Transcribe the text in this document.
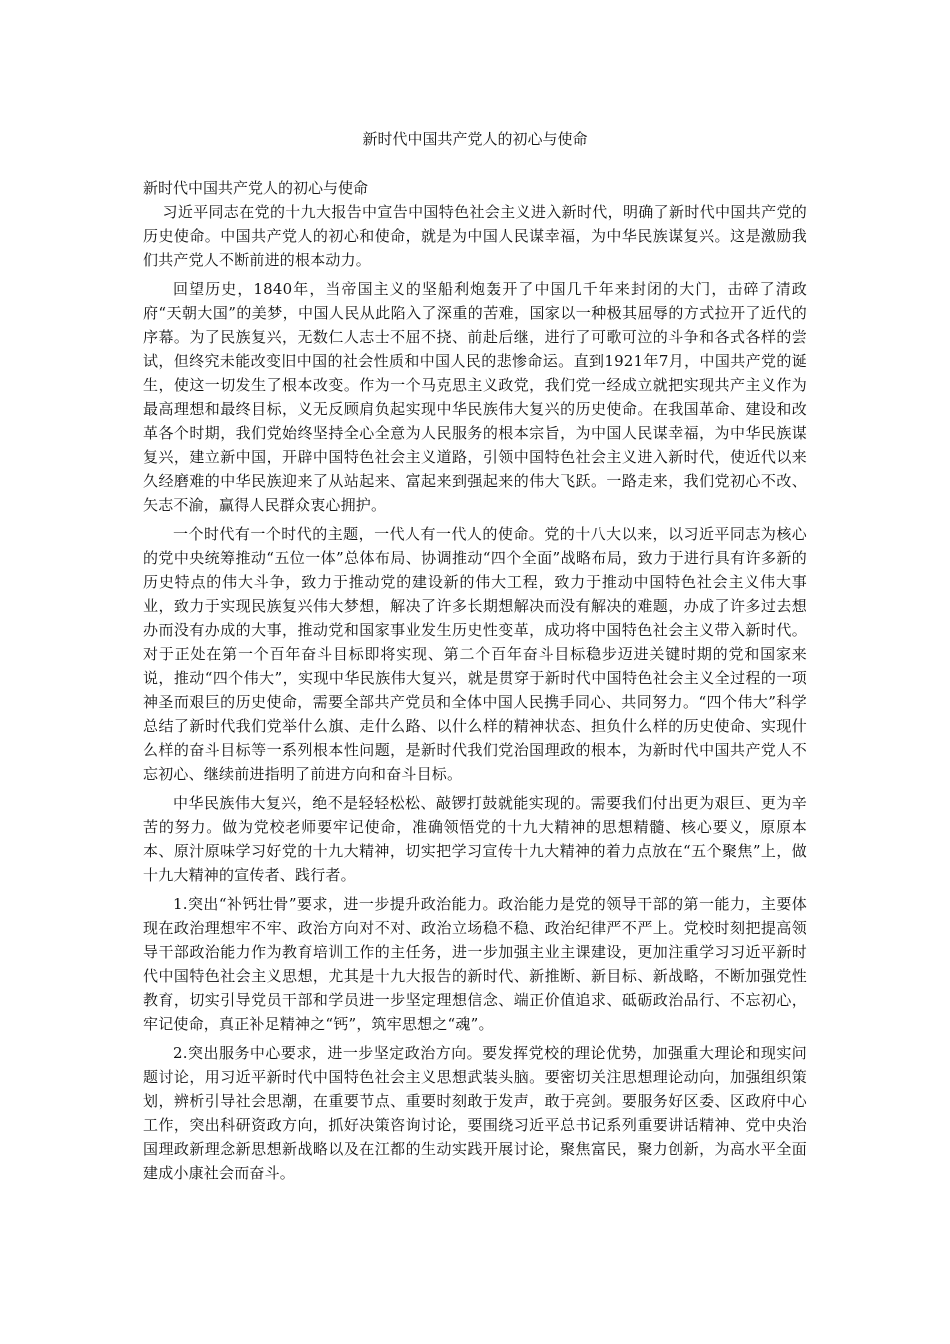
新时代中国共产党人的初心与使命
新时代中国共产党人的初心与使命

习近平同志在党的十九大报告中宣告中国特色社会主义进入新时代，明确了新时代中国共产党的历史使命。中国共产党人的初心和使命，就是为中国人民谋幸福，为中华民族谋复兴。这是激励我们共产党人不断前进的根本动力。

回望历史，1840年，当帝国主义的坚船利炮轰开了中国几千年来封闭的大门，击碎了清政府“天朝大国”的美梦，中国人民从此陷入了深重的苦难，国家以一种极其屈辱的方式拉开了近代的序幕。为了民族复兴，无数仁人志士不屈不挠、前赴后继，进行了可歌可泣的斗争和各式各样的尝试，但终究未能改变旧中国的社会性质和中国人民的悲惨命运。直到1921年7月，中国共产党的诞生，使这一切发生了根本改变。作为一个马克思主义政党，我们党一经成立就把实现共产主义作为最高理想和最终目标，义无反顾肩负起实现中华民族伟大复兴的历史使命。在我国革命、建设和改革各个时期，我们党始终坚持全心全意为人民服务的根本宗旨，为中国人民谋幸福，为中华民族谋复兴，建立新中国，开辟中国特色社会主义道路，引领中国特色社会主义进入新时代，使近代以来久经磨难的中华民族迎来了从站起来、富起来到强起来的伟大飞跃。一路走来，我们党初心不改、矢志不渝，赢得人民群众衷心拥护。

一个时代有一个时代的主题，一代人有一代人的使命。党的十八大以来，以习近平同志为核心的党中央统筹推动“五位一体”总体布局、协调推动“四个全面”战略布局，致力于进行具有许多新的历史特点的伟大斗争，致力于推动党的建设新的伟大工程，致力于推动中国特色社会主义伟大事业，致力于实现民族复兴伟大梦想，解决了许多长期想解决而没有解决的难题，办成了许多过去想办而没有办成的大事，推动党和国家事业发生历史性变革，成功将中国特色社会主义带入新时代。对于正处在第一个百年奋斗目标即将实现、第二个百年奋斗目标稳步迈进关键时期的党和国家来说，推动“四个伟大”，实现中华民族伟大复兴，就是贯穿于新时代中国特色社会主义全过程的一项神圣而艰巨的历史使命，需要全部共产党员和全体中国人民携手同心、共同努力。“四个伟大”科学总结了新时代我们党举什么旗、走什么路、以什么样的精神状态、担负什么样的历史使命、实现什么样的奋斗目标等一系列根本性问题，是新时代我们党治国理政的根本，为新时代中国共产党人不忘初心、继续前进指明了前进方向和奋斗目标。

中华民族伟大复兴，绝不是轻轻松松、敲锣打鼓就能实现的。需要我们付出更为艰巨、更为辛苦的努力。做为党校老师要牢记使命，准确领悟党的十九大精神的思想精髓、核心要义，原原本本、原汁原味学习好党的十九大精神，切实把学习宣传十九大精神的着力点放在“五个聚焦”上，做十九大精神的宣传者、践行者。

1.突出“补钙壮骨”要求，进一步提升政治能力。政治能力是党的领导干部的第一能力，主要体现在政治理想牢不牢、政治方向对不对、政治立场稳不稳、政治纪律严不严上。党校时刻把提高领导干部政治能力作为教育培训工作的主任务，进一步加强主业主课建设，更加注重学习习近平新时代中国特色社会主义思想，尤其是十九大报告的新时代、新推断、新目标、新战略，不断加强党性教育，切实引导党员干部和学员进一步坚定理想信念、端正价值追求、砥砺政治品行、不忘初心，牢记使命，真正补足精神之“钙”，筑牢思想之“魂”。

2.突出服务中心要求，进一步坚定政治方向。要发挥党校的理论优势，加强重大理论和现实问题讨论，用习近平新时代中国特色社会主义思想武装头脑。要密切关注思想理论动向，加强组织策划，辨析引导社会思潮，在重要节点、重要时刻敢于发声，敢于亮剑。要服务好区委、区政府中心工作，突出科研资政方向，抓好决策咨询讨论，要围绕习近平总书记系列重要讲话精神、党中央治国理政新理念新思想新战略以及在江都的生动实践开展讨论，聚焦富民，聚力创新，为高水平全面建成小康社会而奋斗。
